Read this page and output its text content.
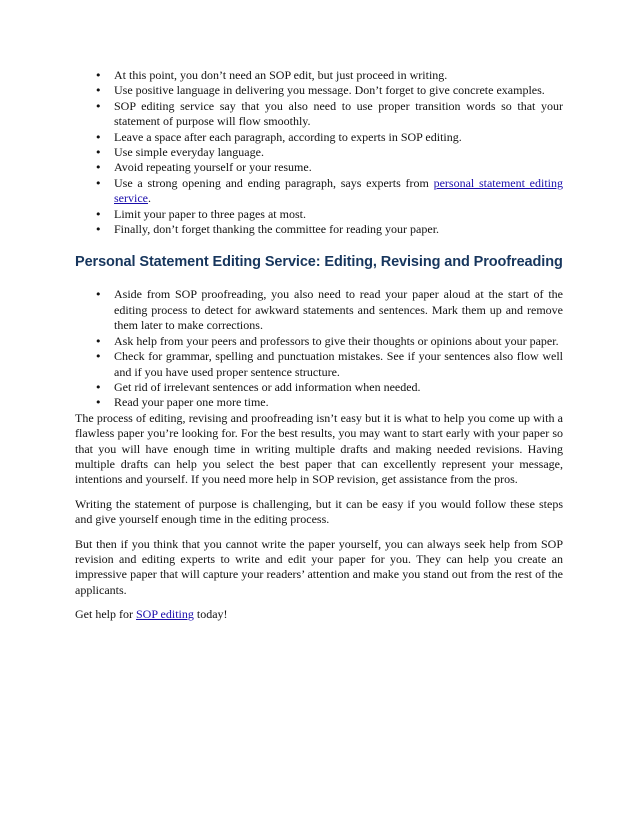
• At this point, you don’t need an SOP edit, but just proceed in writing.
• Use positive language in delivering you message. Don’t forget to give concrete examples.
• SOP editing service say that you also need to use proper transition words so that your statement of purpose will flow smoothly.
• Leave a space after each paragraph, according to experts in SOP editing.
• Use simple everyday language.
• Avoid repeating yourself or your resume.
• Use a strong opening and ending paragraph, says experts from personal statement editing service.
• Limit your paper to three pages at most.
• Finally, don’t forget thanking the committee for reading your paper.
Personal Statement Editing Service: Editing, Revising and Proofreading
• Aside from SOP proofreading, you also need to read your paper aloud at the start of the editing process to detect for awkward statements and sentences. Mark them up and remove them later to make corrections.
• Ask help from your peers and professors to give their thoughts or opinions about your paper.
• Check for grammar, spelling and punctuation mistakes. See if your sentences also flow well and if you have used proper sentence structure.
• Get rid of irrelevant sentences or add information when needed.
• Read your paper one more time.

The process of editing, revising and proofreading isn’t easy but it is what to help you come up with a flawless paper you’re looking for. For the best results, you may want to start early with your paper so that you will have enough time in writing multiple drafts and making needed revisions. Having multiple drafts can help you select the best paper that can excellently represent your message, intentions and yourself. If you need more help in SOP revision, get assistance from the pros.

Writing the statement of purpose is challenging, but it can be easy if you would follow these steps and give yourself enough time in the editing process.

But then if you think that you cannot write the paper yourself, you can always seek help from SOP revision and editing experts to write and edit your paper for you. They can help you create an impressive paper that will capture your readers’ attention and make you stand out from the rest of the applicants.

Get help for SOP editing today!
